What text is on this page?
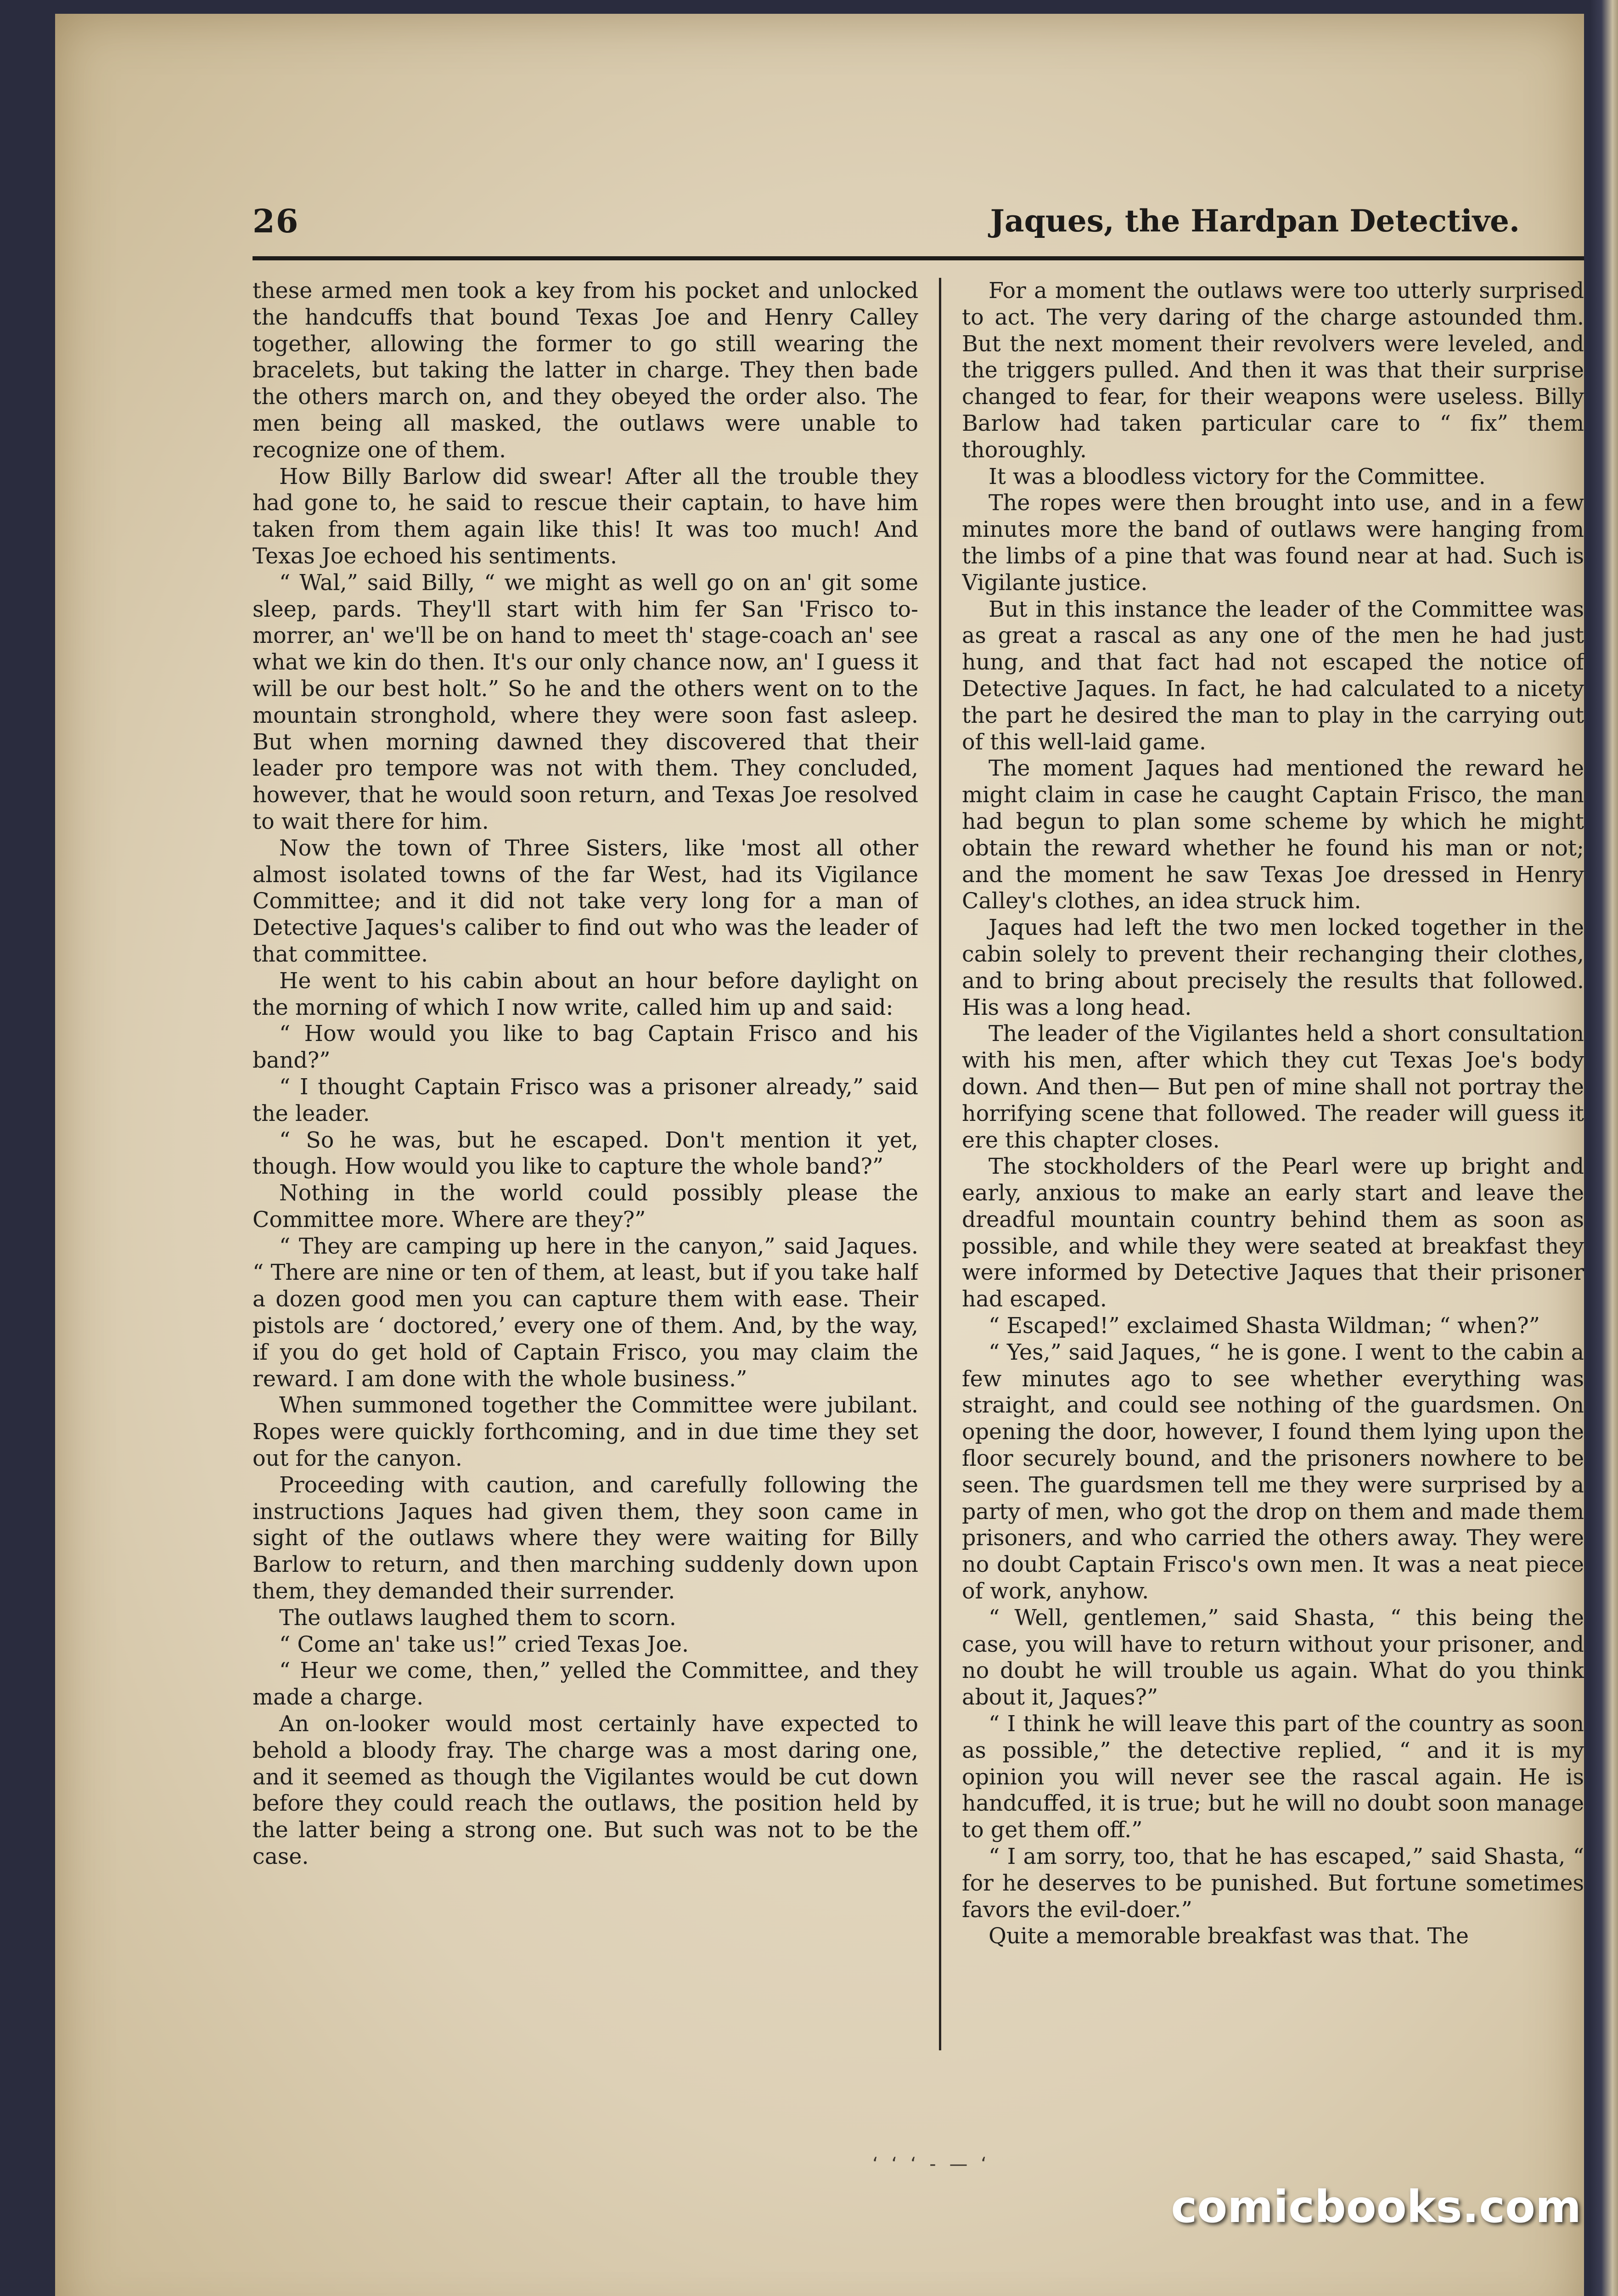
26	Jaques, the Hardpan Detective.

these armed men took a key from his pocket and unlocked the handcuffs that bound Texas Joe and Henry Calley together, allowing the former to go still wearing the bracelets, but taking the latter in charge. They then bade the others march on, and they obeyed the order also. The men being all masked, the outlaws were unable to recognize one of them.

How Billy Barlow did swear! After all the trouble they had gone to, he said to rescue their captain, to have him taken from them again like this! It was too much! And Texas Joe echoed his sentiments.

“ Wal,” said Billy, “ we might as well go on an' git some sleep, pards. They'll start with him fer San 'Frisco to-morrer, an' we'll be on hand to meet th' stage-coach an' see what we kin do then. It's our only chance now, an' I guess it will be our best holt.” So he and the others went on to the mountain stronghold, where they were soon fast asleep. But when morning dawned they discovered that their leader pro tempore was not with them. They concluded, however, that he would soon return, and Texas Joe resolved to wait there for him.

Now the town of Three Sisters, like 'most all other almost isolated towns of the far West, had its Vigilance Committee; and it did not take very long for a man of Detective Jaques's caliber to find out who was the leader of that committee.

He went to his cabin about an hour before daylight on the morning of which I now write, called him up and said:

“ How would you like to bag Captain Frisco and his band?”

“ I thought Captain Frisco was a prisoner already,” said the leader.

“ So he was, but he escaped. Don't mention it yet, though. How would you like to capture the whole band?”

Nothing in the world could possibly please the Committee more. Where are they?”

“ They are camping up here in the canyon,” said Jaques. “ There are nine or ten of them, at least, but if you take half a dozen good men you can capture them with ease. Their pistols are ‘ doctored,’ every one of them. And, by the way, if you do get hold of Captain Frisco, you may claim the reward. I am done with the whole business.”

When summoned together the Committee were jubilant. Ropes were quickly forthcoming, and in due time they set out for the canyon.

Proceeding with caution, and carefully following the instructions Jaques had given them, they soon came in sight of the outlaws where they were waiting for Billy Barlow to return, and then marching suddenly down upon them, they demanded their surrender.

The outlaws laughed them to scorn.

“ Come an' take us!” cried Texas Joe.

“ Heur we come, then,” yelled the Committee, and they made a charge.

An on-looker would most certainly have expected to behold a bloody fray. The charge was a most daring one, and it seemed as though the Vigilantes would be cut down before they could reach the outlaws, the position held by the latter being a strong one. But such was not to be the case.

For a moment the outlaws were too utterly surprised to act. The very daring of the charge astounded thm. But the next moment their revolvers were leveled, and the triggers pulled. And then it was that their surprise changed to fear, for their weapons were useless. Billy Barlow had taken particular care to “ fix” them thoroughly.

It was a bloodless victory for the Committee.

The ropes were then brought into use, and in a few minutes more the band of outlaws were hanging from the limbs of a pine that was found near at had. Such is Vigilante justice.

But in this instance the leader of the Committee was as great a rascal as any one of the men he had just hung, and that fact had not escaped the notice of Detective Jaques. In fact, he had calculated to a nicety the part he desired the man to play in the carrying out of this well-laid game.

The moment Jaques had mentioned the reward he might claim in case he caught Captain Frisco, the man had begun to plan some scheme by which he might obtain the reward whether he found his man or not; and the moment he saw Texas Joe dressed in Henry Calley's clothes, an idea struck him.

Jaques had left the two men locked together in the cabin solely to prevent their rechanging their clothes, and to bring about precisely the results that followed. His was a long head.

The leader of the Vigilantes held a short consultation with his men, after which they cut Texas Joe's body down. And then— But pen of mine shall not portray the horrifying scene that followed. The reader will guess it ere this chapter closes.

The stockholders of the Pearl were up bright and early, anxious to make an early start and leave the dreadful mountain country behind them as soon as possible, and while they were seated at breakfast they were informed by Detective Jaques that their prisoner had escaped.

“ Escaped!” exclaimed Shasta Wildman; “ when?”

“ Yes,” said Jaques, “ he is gone. I went to the cabin a few minutes ago to see whether everything was straight, and could see nothing of the guardsmen. On opening the door, however, I found them lying upon the floor securely bound, and the prisoners nowhere to be seen. The guardsmen tell me they were surprised by a party of men, who got the drop on them and made them prisoners, and who carried the others away. They were no doubt Captain Frisco's own men. It was a neat piece of work, anyhow.

“ Well, gentlemen,” said Shasta, “ this being the case, you will have to return without your prisoner, and no doubt he will trouble us again. What do you think about it, Jaques?”

“ I think he will leave this part of the country as soon as possible,” the detective replied, “ and it is my opinion you will never see the rascal again. He is handcuffed, it is true; but he will no doubt soon manage to get them off.”

“ I am sorry, too, that he has escaped,” said Shasta, “ for he deserves to be punished. But fortune sometimes favors the evil-doer.”

Quite a memorable breakfast was that. The

‘ ‘ ‘ - — ‘
comicbooks.com
